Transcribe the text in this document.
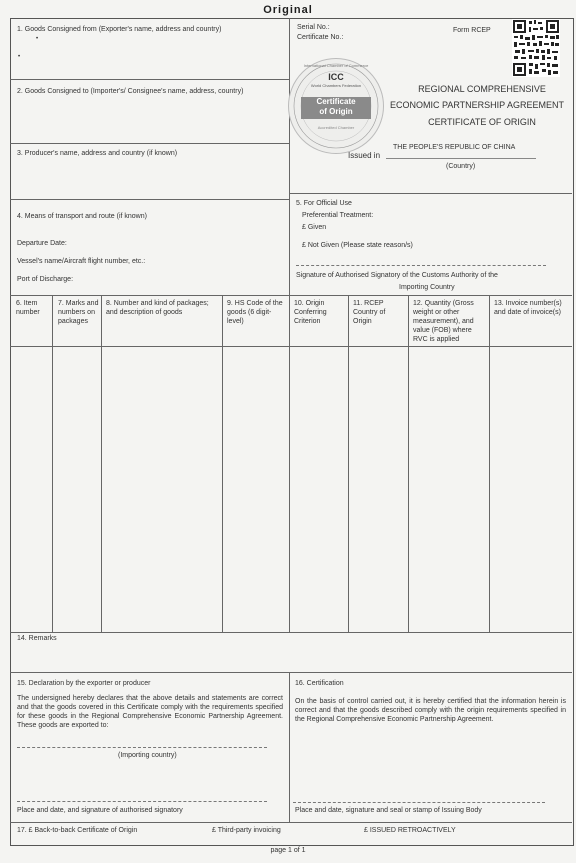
Original
1. Goods Consigned from (Exporter's name, address and country)
•
•
2. Goods Consigned to (Importer's/ Consignee's name, address, country)
3. Producer's name, address and country (if known)
4. Means of transport and route (if known)
Departure Date:
Vessel's name/Aircraft flight number, etc.:
Port of Discharge:
Serial No.:
Certificate No.:
Form RCEP
International Chamber of Commerce
ICC
World Chambers Federation
Certificate
of Origin
Accredited Chamber
REGIONAL COMPREHENSIVE
ECONOMIC PARTNERSHIP AGREEMENT
CERTIFICATE OF ORIGIN
THE PEOPLE'S REPUBLIC OF CHINA
Issued in
(Country)
5. For Official Use
Preferential Treatment:
£ Given
£ Not Given (Please state reason/s)
Signature of Authorised Signatory of the Customs Authority of the
Importing Country
6. Item number
7. Marks and numbers on packages
8. Number and kind of packages; and description of goods
9. HS Code of the goods (6 digit-level)
10. Origin Conferring Criterion
11. RCEP Country of Origin
12. Quantity (Gross weight or other measurement), and value (FOB) where RVC is applied
13. Invoice number(s) and date of invoice(s)
14. Remarks
15. Declaration by the exporter or producer
The undersigned hereby declares that the above details and statements are correct and that the goods covered in this Certificate comply with the requirements specified for these goods in the Regional Comprehensive Economic Partnership Agreement. These goods are exported to:
(Importing country)
Place and date, and signature of authorised signatory
16. Certification
On the basis of control carried out, it is hereby certified that the information herein is correct and that the goods described comply with the origin requirements specified in the Regional Comprehensive Economic Partnership Agreement.
Place and date, signature and seal or stamp of Issuing Body
17. £ Back-to-back Certificate of Origin	£ Third-party invoicing	£ ISSUED RETROACTIVELY
page 1 of 1
